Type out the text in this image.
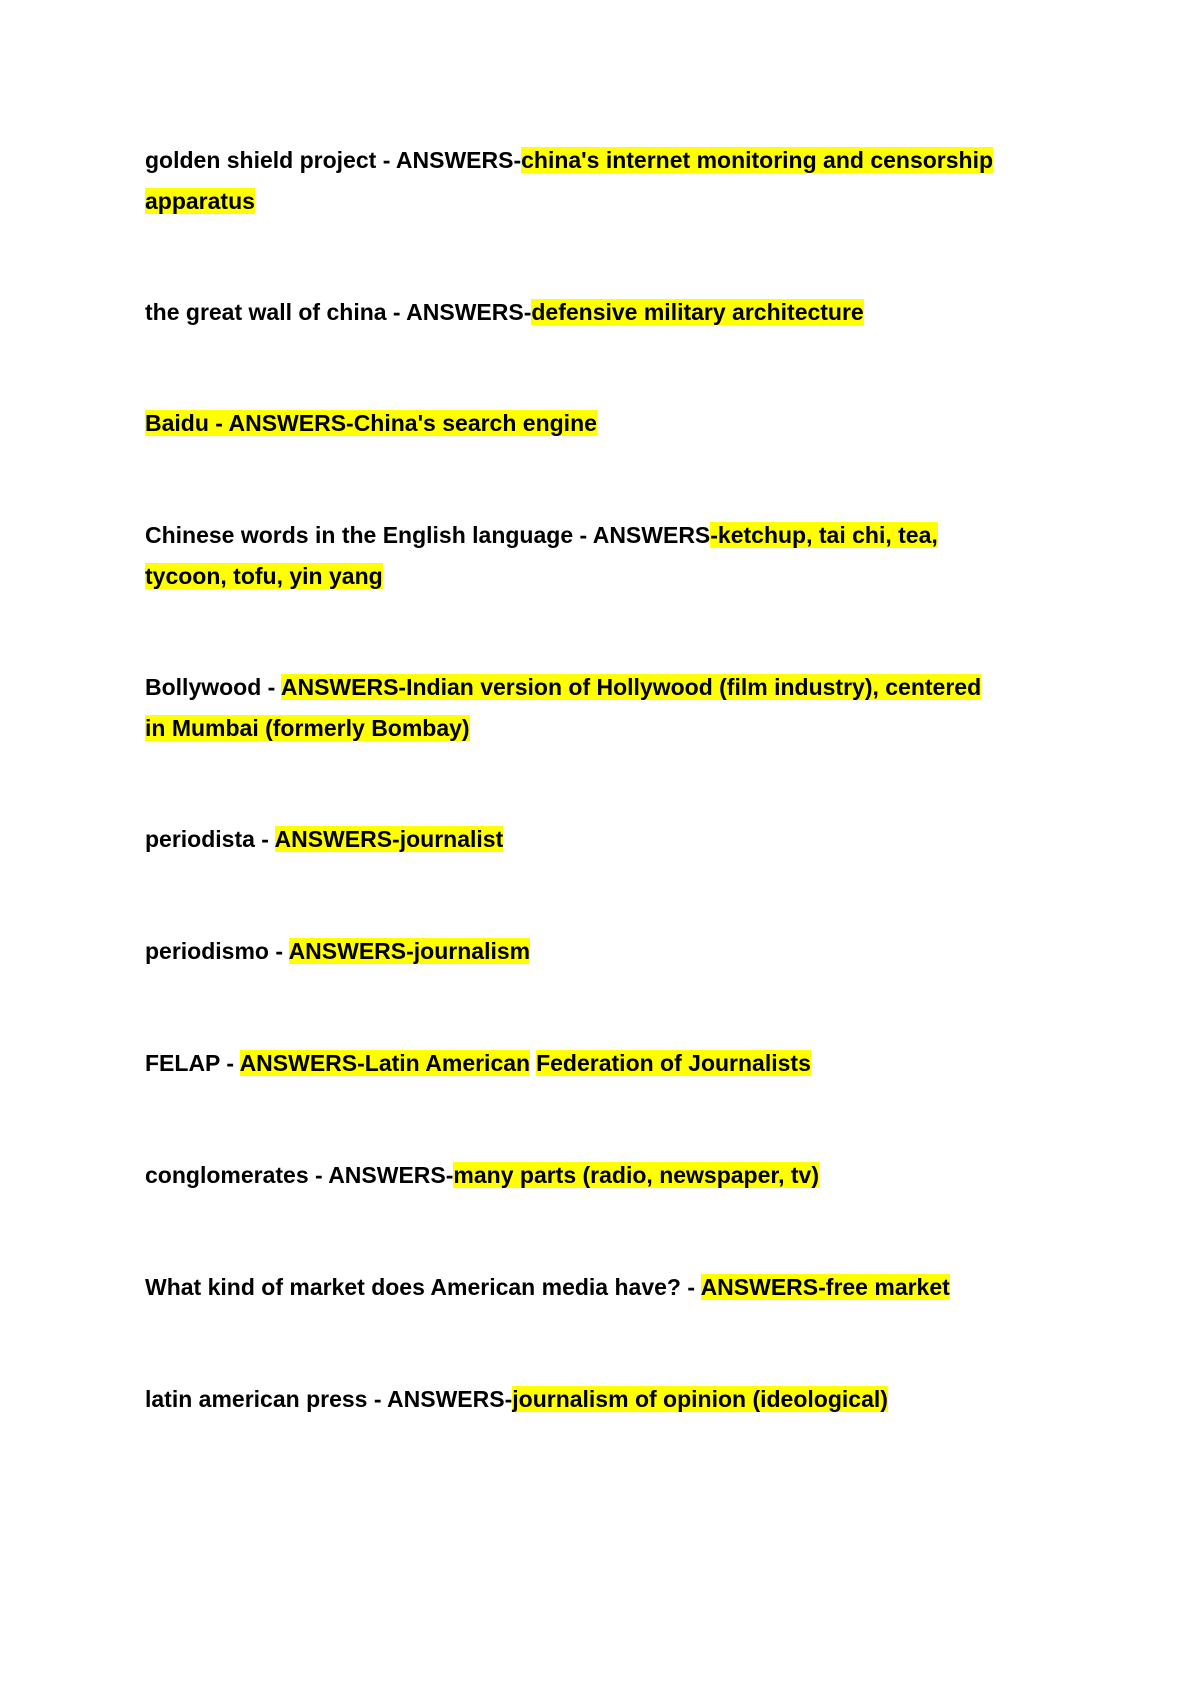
golden shield project - ANSWERS-china's internet monitoring and censorship
apparatus
the great wall of china - ANSWERS-defensive military architecture
Baidu - ANSWERS-China's search engine
Chinese words in the English language - ANSWERS-ketchup, tai chi, tea,
tycoon, tofu, yin yang
Bollywood - ANSWERS-Indian version of Hollywood (film industry), centered
in Mumbai (formerly Bombay)
periodista - ANSWERS-journalist
periodismo - ANSWERS-journalism
FELAP - ANSWERS-Latin American Federation of Journalists
conglomerates - ANSWERS-many parts (radio, newspaper, tv)
What kind of market does American media have? - ANSWERS-free market
latin american press - ANSWERS-journalism of opinion (ideological)
